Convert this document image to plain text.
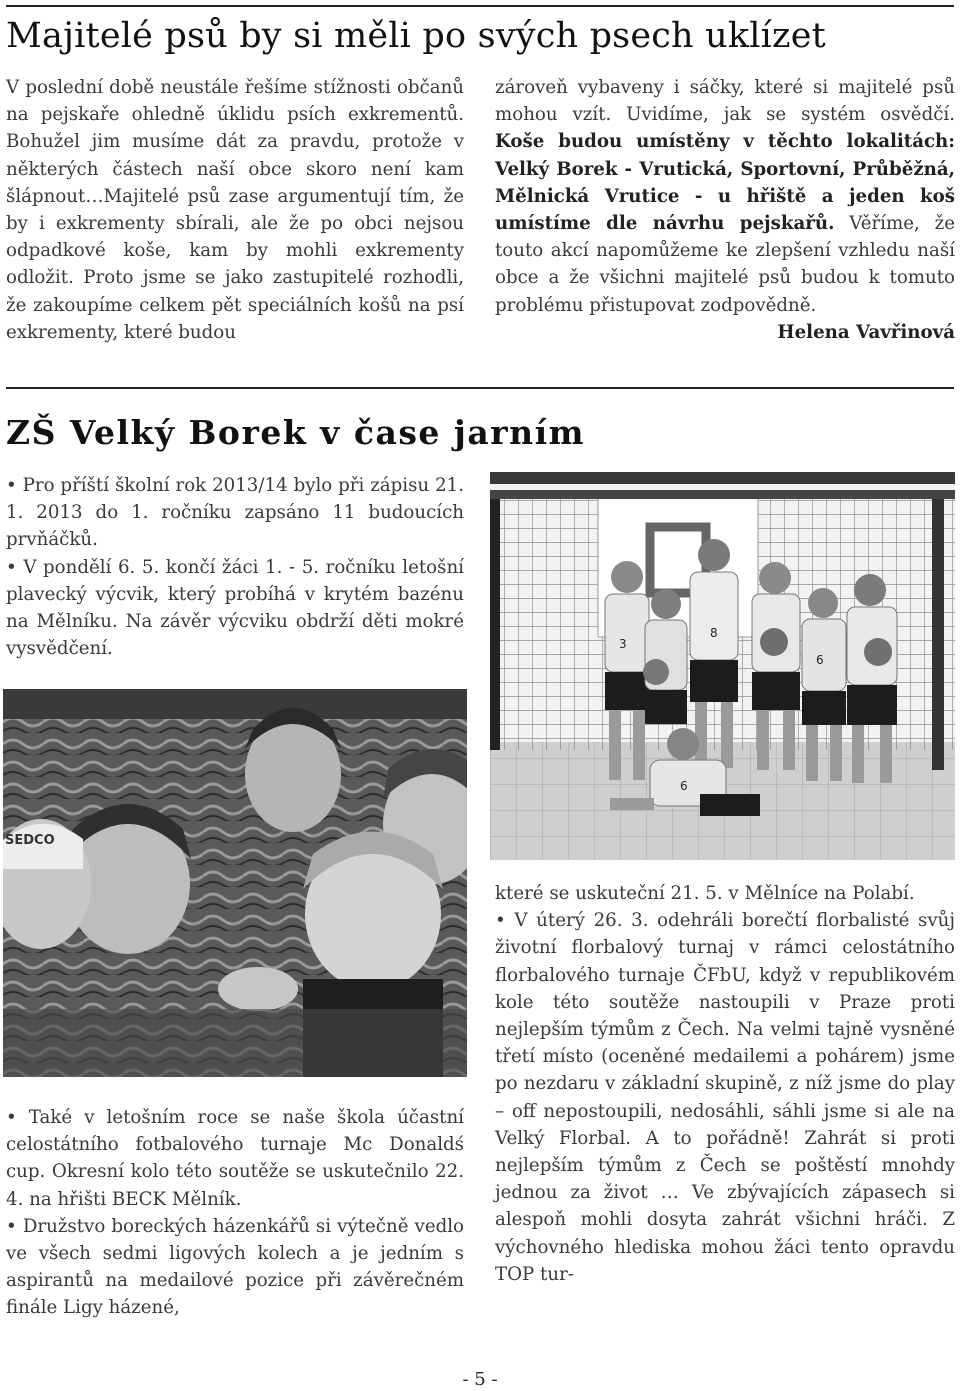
Majitelé psů by si měli po svých psech uklízet

V poslední době neustále řešíme stížnosti občanů na pejskaře ohledně úklidu psích exkrementů. Bohužel jim musíme dát za pravdu, protože v některých částech naší obce skoro není kam šlápnout…Majitelé psů zase argumentují tím, že by i exkrementy sbírali, ale že po obci nejsou odpadkové koše, kam by mohli exkrementy odložit. Proto jsme se jako zastupitelé rozhodli, že zakoupíme celkem pět speciálních košů na psí exkrementy, které budou

zároveň vybaveny i sáčky, které si majitelé psů mohou vzít. Uvidíme, jak se systém osvědčí. Koše budou umístěny v těchto lokalitách: Velký Borek - Vrutická, Sportovní, Průběžná, Mělnická Vrutice - u hřiště a jeden koš umístíme dle návrhu pejskařů. Věříme, že touto akcí napomůžeme ke zlepšení vzhledu naší obce a že všichni majitelé psů budou k tomuto problému přistupovat zodpovědně.

Helena Vavřinová

ZŠ Velký Borek v čase jarním

• Pro příští školní rok 2013/14 bylo při zápisu 21. 1. 2013 do 1. ročníku zapsáno 11 budoucích prvňáčků.

• V pondělí 6. 5. končí žáci 1. - 5. ročníku letošní plavecký výcvik, který probíhá v krytém bazénu na Mělníku. Na závěr výcviku obdrží děti mokré vysvědčení.	3
8
6
6
SEDCO

• Také v letošním roce se naše škola účastní celostátního fotbalového turnaje Mc Donaldś cup. Okresní kolo této soutěže se uskutečnilo 22. 4. na hřišti BECK Mělník.

• Družstvo boreckých házenkářů si výtečně vedlo ve všech sedmi ligových kolech a je jedním s aspirantů na medailové pozice při závěrečném finále Ligy házené,

které se uskuteční 21. 5. v Mělníce na Polabí.

• V úterý 26. 3. odehráli borečtí florbalisté svůj životní florbalový turnaj v rámci celostátního florbalového turnaje ČFbU, když v republikovém kole této soutěže nastoupili v Praze proti nejlepším týmům z Čech. Na velmi tajně vysněné třetí místo (oceněné medailemi a pohárem) jsme po nezdaru v základní skupině, z níž jsme do play – off nepostoupili, nedosáhli, sáhli jsme si ale na Velký Florbal. A to pořádně! Zahrát si proti nejlepším týmům z Čech se poštěstí mnohdy jednou za život … Ve zbývajících zápasech si alespoň mohli dosyta zahrát všichni hráči. Z výchovného hlediska mohou žáci tento opravdu TOP tur-

- 5 -
